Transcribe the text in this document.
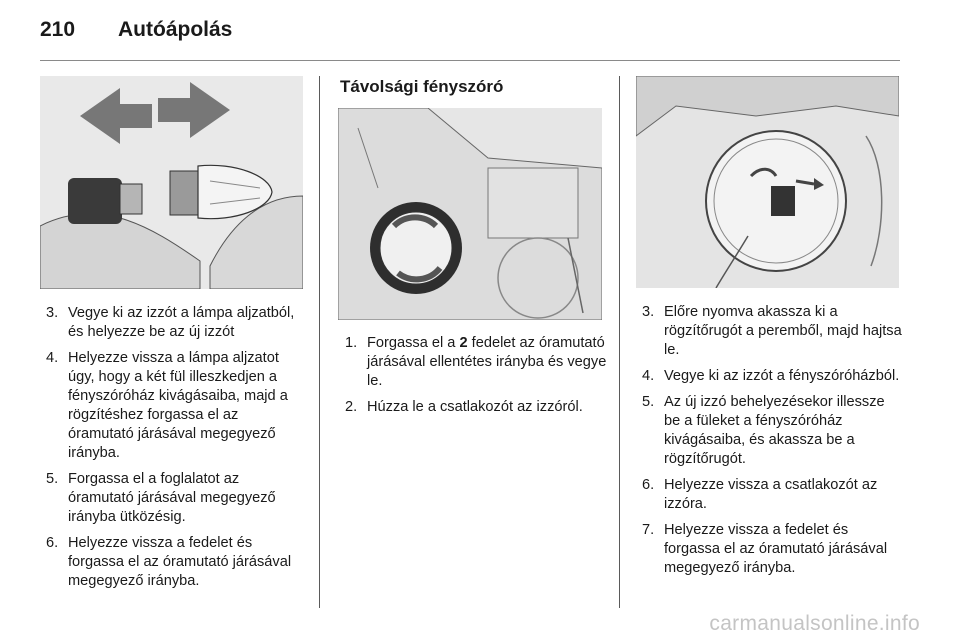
210 Autóápolás
3. Vegye ki az izzót a lámpa aljzatból, és helyezze be az új izzót
4. Helyezze vissza a lámpa aljzatot úgy, hogy a két fül illeszkedjen a fényszóróház kivágásaiba, majd a rögzítéshez forgassa el az óramutató járásával megegyező irányba.
5. Forgassa el a foglalatot az óramutató járásával megegyező irányba ütközésig.
6. Helyezze vissza a fedelet és forgassa el az óramutató járásával megegyező irányba.
Távolsági fényszóró
1. Forgassa el a 2 fedelet az óramutató járásával ellentétes irányba és vegye le.
2. Húzza le a csatlakozót az izzóról.
3. Előre nyomva akassza ki a rögzítőrugót a peremből, majd hajtsa le.
4. Vegye ki az izzót a fényszóróházból.
5. Az új izzó behelyezésekor illessze be a füleket a fényszóróház kivágásaiba, és akassza be a rögzítőrugót.
6. Helyezze vissza a csatlakozót az izzóra.
7. Helyezze vissza a fedelet és forgassa el az óramutató járásával megegyező irányba.
carmanualsonline.info
